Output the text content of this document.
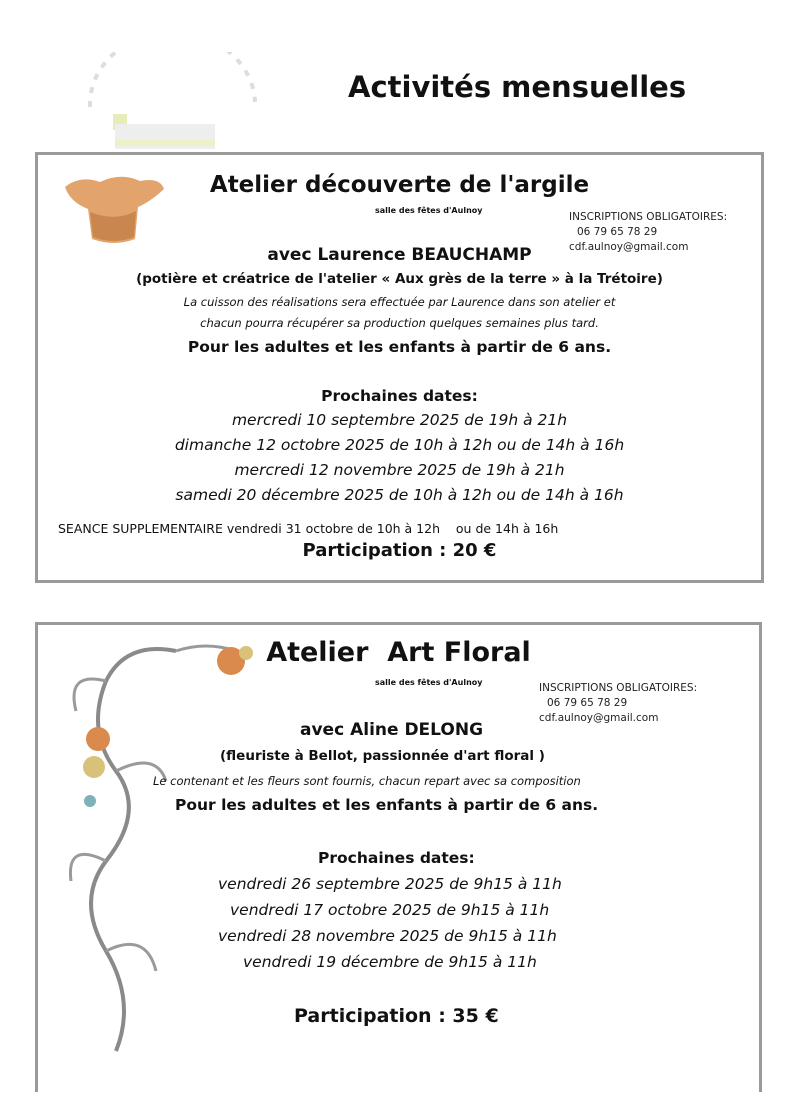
Activités mensuelles
Atelier découverte de l'argile
salle des fêtes d'Aulnoy
INSCRIPTIONS OBLIGATOIRES:
06 79 65 78 29
cdf.aulnoy@gmail.com
avec Laurence BEAUCHAMP
(potière et créatrice de l'atelier « Aux grès de la terre » à la Trétoire)
La cuisson des réalisations sera effectuée par Laurence dans son atelier et
chacun pourra récupérer sa production quelques semaines plus tard.
Pour les adultes et les enfants à partir de 6 ans.
Prochaines dates:
mercredi 10 septembre 2025 de 19h à 21h
dimanche 12 octobre 2025 de 10h à 12h ou de 14h à 16h
mercredi 12 novembre 2025 de 19h à 21h
samedi 20 décembre 2025 de 10h à 12h ou de 14h à 16h
SEANCE SUPPLEMENTAIRE vendredi 31 octobre de 10h à 12h    ou de 14h à 16h
Participation : 20 €
Atelier  Art Floral
salle des fêtes d'Aulnoy	INSCRIPTIONS OBLIGATOIRES:
06 79 65 78 29
cdf.aulnoy@gmail.com
avec Aline DELONG
(fleuriste à Bellot, passionnée d'art floral )
Le contenant et les fleurs sont fournis, chacun repart avec sa composition
Pour les adultes et les enfants à partir de 6 ans.
Prochaines dates:
vendredi 26 septembre 2025 de 9h15 à 11h
vendredi 17 octobre 2025 de 9h15 à 11h
vendredi 28 novembre 2025 de 9h15 à 11h
vendredi 19 décembre de 9h15 à 11h
Participation : 35 €
